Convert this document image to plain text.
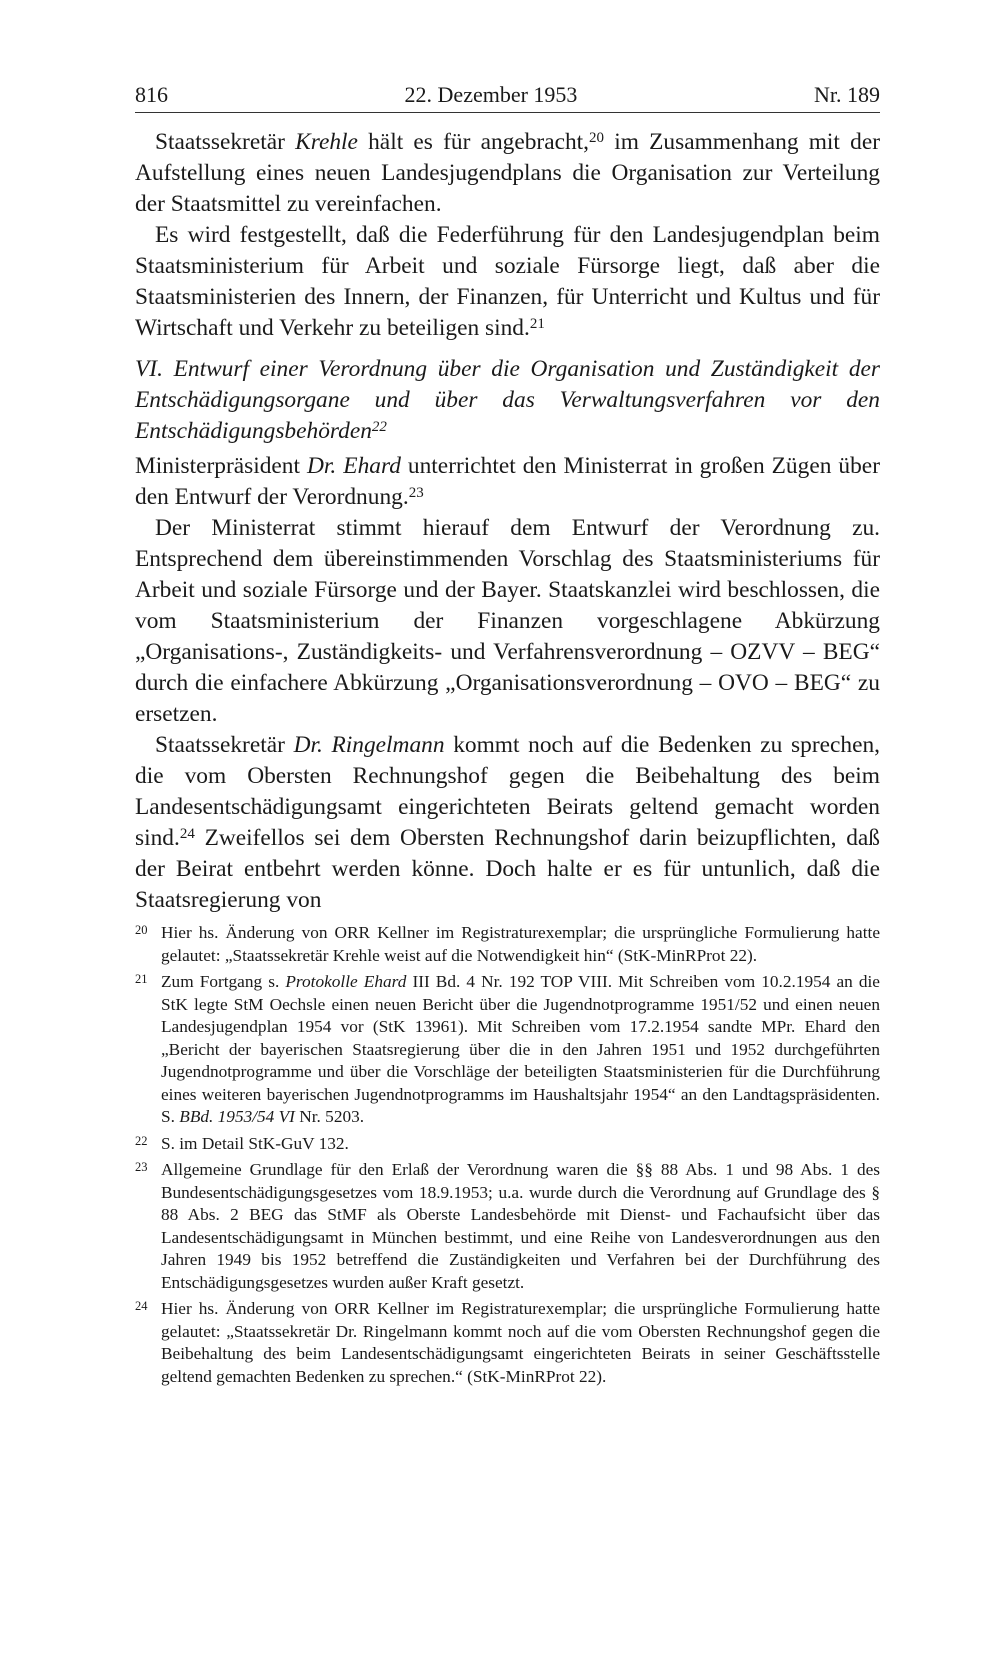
816	22. Dezember 1953	Nr. 189

Staatssekretär Krehle hält es für angebracht,$^{20}$ im Zusammenhang mit der Aufstellung eines neuen Landesjugendplans die Organisation zur Verteilung der Staatsmittel zu vereinfachen.

Es wird festgestellt, daß die Federführung für den Landesjugendplan beim Staatsministerium für Arbeit und soziale Fürsorge liegt, daß aber die Staatsministerien des Innern, der Finanzen, für Unterricht und Kultus und für Wirtschaft und Verkehr zu beteiligen sind.$^{21}$

VI. Entwurf einer Verordnung über die Organisation und Zuständigkeit der Entschädigungsorgane und über das Verwaltungsverfahren vor den Entschädigungsbehörden$^{22}$

Ministerpräsident Dr. Ehard unterrichtet den Ministerrat in großen Zügen über den Entwurf der Verordnung.$^{23}$

Der Ministerrat stimmt hierauf dem Entwurf der Verordnung zu. Entsprechend dem übereinstimmenden Vorschlag des Staatsministeriums für Arbeit und soziale Fürsorge und der Bayer. Staatskanzlei wird beschlossen, die vom Staatsministerium der Finanzen vorgeschlagene Abkürzung „Organisations-, Zuständigkeits- und Verfahrensverordnung – OZVV – BEG“ durch die einfachere Abkürzung „Organisationsverordnung – OVO – BEG“ zu ersetzen.

Staatssekretär Dr. Ringelmann kommt noch auf die Bedenken zu sprechen, die vom Obersten Rechnungshof gegen die Beibehaltung des beim Landesentschädigungsamt eingerichteten Beirats geltend gemacht worden sind.$^{24}$ Zweifellos sei dem Obersten Rechnungshof darin beizupflichten, daß der Beirat entbehrt werden könne. Doch halte er es für untunlich, daß die Staatsregierung von

20 Hier hs. Änderung von ORR Kellner im Registraturexemplar; die ursprüngliche Formulierung hatte gelautet: „Staatssekretär Krehle weist auf die Notwendigkeit hin“ (StK-MinRProt 22).
21 Zum Fortgang s. Protokolle Ehard III Bd. 4 Nr. 192 TOP VIII. Mit Schreiben vom 10.2.1954 an die StK legte StM Oechsle einen neuen Bericht über die Jugendnotprogramme 1951/52 und einen neuen Landesjugendplan 1954 vor (StK 13961). Mit Schreiben vom 17.2.1954 sandte MPr. Ehard den „Bericht der bayerischen Staatsregierung über die in den Jahren 1951 und 1952 durchgeführten Jugendnotprogramme und über die Vorschläge der beteiligten Staatsministerien für die Durchführung eines weiteren bayerischen Jugendnotprogramms im Haushaltsjahr 1954“ an den Landtagspräsidenten. S. BBd. 1953/54 VI Nr. 5203.
22 S. im Detail StK-GuV 132.
23 Allgemeine Grundlage für den Erlaß der Verordnung waren die §§ 88 Abs. 1 und 98 Abs. 1 des Bundesentschädigungsgesetzes vom 18.9.1953; u.a. wurde durch die Verordnung auf Grundlage des § 88 Abs. 2 BEG das StMF als Oberste Landesbehörde mit Dienst- und Fachaufsicht über das Landesentschädigungsamt in München bestimmt, und eine Reihe von Landesverordnungen aus den Jahren 1949 bis 1952 betreffend die Zuständigkeiten und Verfahren bei der Durchführung des Entschädigungsgesetzes wurden außer Kraft gesetzt.
24 Hier hs. Änderung von ORR Kellner im Registraturexemplar; die ursprüngliche Formulierung hatte gelautet: „Staatssekretär Dr. Ringelmann kommt noch auf die vom Obersten Rechnungshof gegen die Beibehaltung des beim Landesentschädigungsamt eingerichteten Beirats in seiner Geschäftsstelle geltend gemachten Bedenken zu sprechen.“ (StK-MinRProt 22).
